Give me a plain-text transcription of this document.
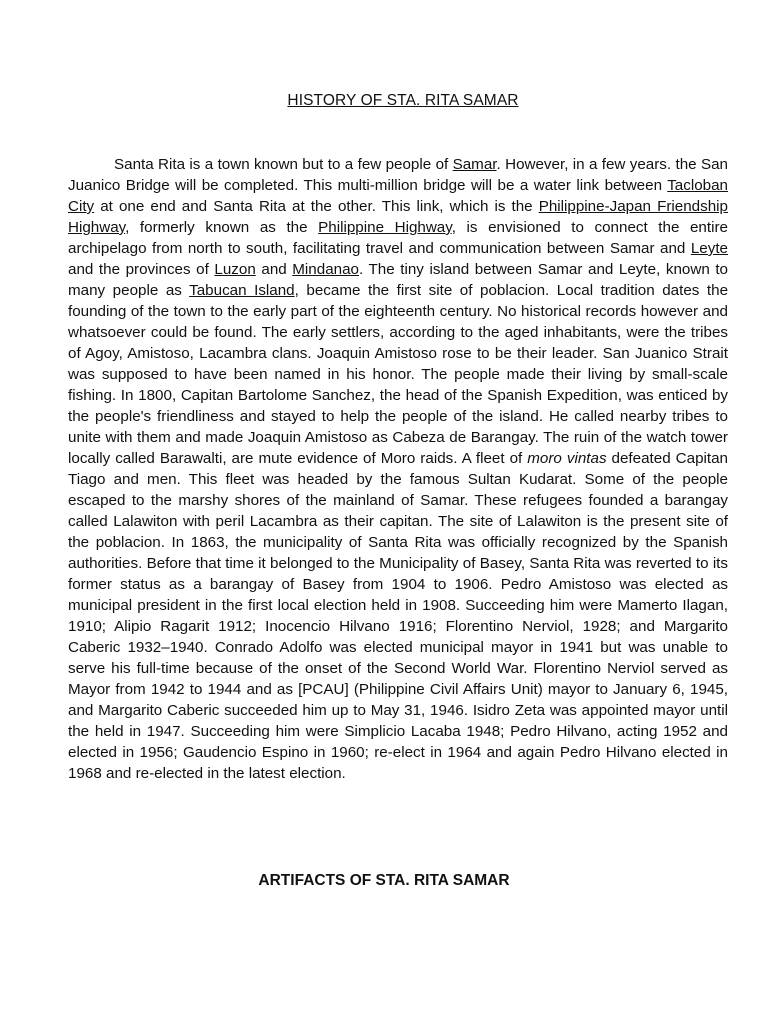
HISTORY OF STA. RITA SAMAR

Santa Rita is a town known but to a few people of Samar. However, in a few years. the San Juanico Bridge will be completed. This multi-million bridge will be a water link between Tacloban City at one end and Santa Rita at the other. This link, which is the Philippine-Japan Friendship Highway, formerly known as the Philippine Highway, is envisioned to connect the entire archipelago from north to south, facilitating travel and communication between Samar and Leyte and the provinces of Luzon and Mindanao. The tiny island between Samar and Leyte, known to many people as Tabucan Island, became the first site of poblacion. Local tradition dates the founding of the town to the early part of the eighteenth century. No historical records however and whatsoever could be found. The early settlers, according to the aged inhabitants, were the tribes of Agoy, Amistoso, Lacambra clans. Joaquin Amistoso rose to be their leader. San Juanico Strait was supposed to have been named in his honor. The people made their living by small-scale fishing. In 1800, Capitan Bartolome Sanchez, the head of the Spanish Expedition, was enticed by the people's friendliness and stayed to help the people of the island. He called nearby tribes to unite with them and made Joaquin Amistoso as Cabeza de Barangay. The ruin of the watch tower locally called Barawalti, are mute evidence of Moro raids. A fleet of moro vintas defeated Capitan Tiago and men. This fleet was headed by the famous Sultan Kudarat. Some of the people escaped to the marshy shores of the mainland of Samar. These refugees founded a barangay called Lalawiton with peril Lacambra as their capitan. The site of Lalawiton is the present site of the poblacion. In 1863, the municipality of Santa Rita was officially recognized by the Spanish authorities. Before that time it belonged to the Municipality of Basey, Santa Rita was reverted to its former status as a barangay of Basey from 1904 to 1906. Pedro Amistoso was elected as municipal president in the first local election held in 1908. Succeeding him were Mamerto Ilagan, 1910; Alipio Ragarit 1912; Inocencio Hilvano 1916; Florentino Nerviol, 1928; and Margarito Caberic 1932–1940. Conrado Adolfo was elected municipal mayor in 1941 but was unable to serve his full-time because of the onset of the Second World War. Florentino Nerviol served as Mayor from 1942 to 1944 and as [PCAU] (Philippine Civil Affairs Unit) mayor to January 6, 1945, and Margarito Caberic succeeded him up to May 31, 1946. Isidro Zeta was appointed mayor until the held in 1947. Succeeding him were Simplicio Lacaba 1948; Pedro Hilvano, acting 1952 and elected in 1956; Gaudencio Espino in 1960; re-elect in 1964 and again Pedro Hilvano elected in 1968 and re-elected in the latest election.

ARTIFACTS OF STA. RITA SAMAR
